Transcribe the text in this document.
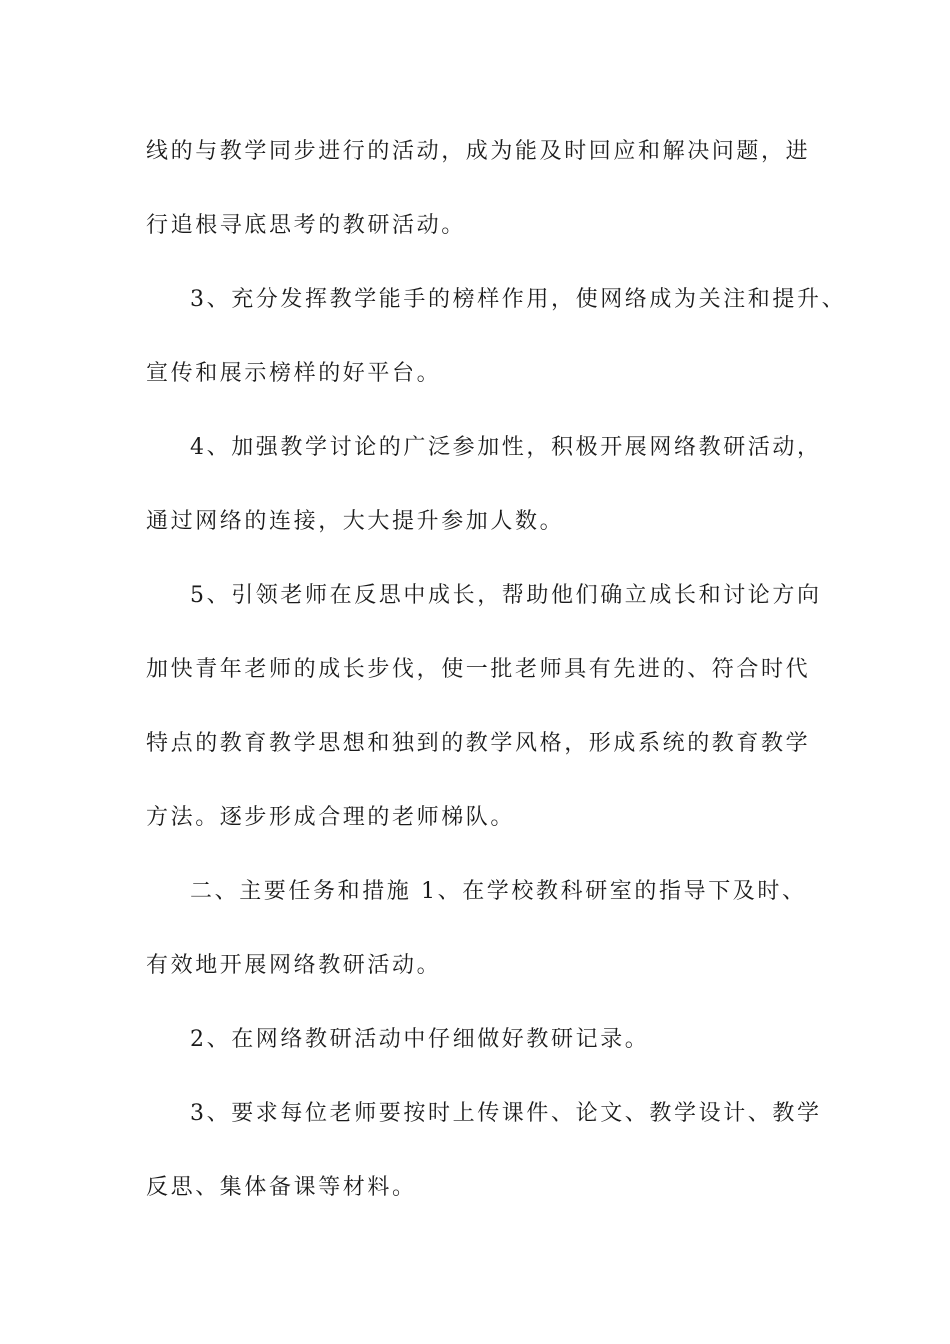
线的与教学同步进行的活动，成为能及时回应和解决问题，进
行追根寻底思考的教研活动。
3、充分发挥教学能手的榜样作用，使网络成为关注和提升、
宣传和展示榜样的好平台。
4、加强教学讨论的广泛参加性，积极开展网络教研活动，
通过网络的连接，大大提升参加人数。
5、引领老师在反思中成长，帮助他们确立成长和讨论方向
加快青年老师的成长步伐，使一批老师具有先进的、符合时代
特点的教育教学思想和独到的教学风格，形成系统的教育教学
方法。逐步形成合理的老师梯队。
二、主要任务和措施 1、在学校教科研室的指导下及时、
有效地开展网络教研活动。
2、在网络教研活动中仔细做好教研记录。
3、要求每位老师要按时上传课件、论文、教学设计、教学
反思、集体备课等材料。
